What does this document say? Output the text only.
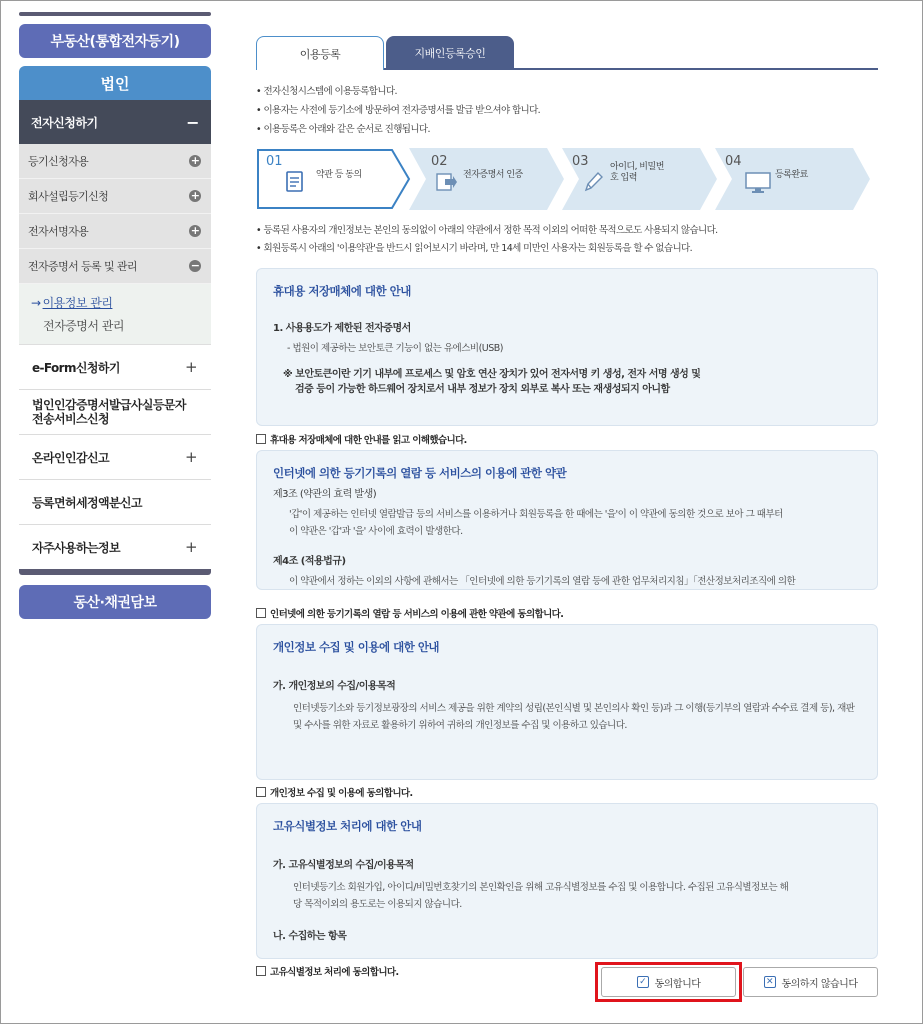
부동산(통합전자등기)
법인
전자신청하기	−
등기신청자용	+
회사설립등기신청	+
전자서명자용	+
전자증명서 등록 및 관리	−
→ 이용정보 관리
전자증명서 관리
e-Form신청하기	+
법인인감증명서발급사실등문자
전송서비스신청
온라인인감신고	+
등록면허세정액분신고
자주사용하는정보	+
동산·채권담보
이용등록	지배인등록승인
• 전자신청시스템에 이용등록합니다.
• 이용자는 사전에 등기소에 방문하여 전자증명서를 발급 받으셔야 합니다.
• 이용등록은 아래와 같은 순서로 진행됩니다.
01
약관 등 동의
02
전자증명서 인증
03 아이디, 비밀번호 입력
04
등록완료
• 등록된 사용자의 개인정보는 본인의 동의없이 아래의 약관에서 정한 목적 이외의 어떠한 목적으로도 사용되지 않습니다.
• 회원등록시 아래의 '이용약관'을 반드시 읽어보시기 바라며, 만 14세 미만인 사용자는 회원등록을 할 수 없습니다.
휴대용 저장매체에 대한 안내
1. 사용용도가 제한된 전자증명서
- 법원이 제공하는 보안토큰 기능이 없는 유에스비(USB)
※ 보안토큰이란 기기 내부에 프로세스 및 암호 연산 장치가 있어 전자서명 키 생성, 전자 서명 생성 및
검증 등이 가능한 하드웨어 장치로서 내부 정보가 장치 외부로 복사 또는 재생성되지 아니함
휴대용 저장매체에 대한 안내를 읽고 이해했습니다.
인터넷에 의한 등기기록의 열람 등 서비스의 이용에 관한 약관
제3조 (약관의 효력 발생)
'갑'이 제공하는 인터넷 열람발급 등의 서비스를 이용하거나 회원등록을 한 때에는 '을'이 이 약관에 동의한 것으로 보아 그 때부터
이 약관은 '갑'과 '을' 사이에 효력이 발생한다.
제4조 (적용법규)
이 약관에서 정하는 이외의 사항에 관해서는 「인터넷에 의한 등기기록의 열람 등에 관한 업무처리지침」「전산정보처리조직에 의한
인터넷에 의한 등기기록의 열람 등 서비스의 이용에 관한 약관에 동의합니다.
개인정보 수집 및 이용에 대한 안내
가. 개인정보의 수집/이용목적
인터넷등기소와 등기정보광장의 서비스 제공을 위한 계약의 성립(본인식별 및 본인의사 확인 등)과 그 이행(등기부의 열람과 수수료 결제 등), 재판
및 수사를 위한 자료로 활용하기 위하여 귀하의 개인정보를 수집 및 이용하고 있습니다.
개인정보 수집 및 이용에 동의합니다.
고유식별정보 처리에 대한 안내
가. 고유식별정보의 수집/이용목적
인터넷등기소 회원가입, 아이디/비밀번호찾기의 본인확인을 위해 고유식별정보를 수집 및 이용합니다. 수집된 고유식별정보는 해
당 목적이외의 용도로는 이용되지 않습니다.
나. 수집하는 항목
고유식별정보 처리에 동의합니다.
✓ 동의합니다	✕ 동의하지 않습니다
